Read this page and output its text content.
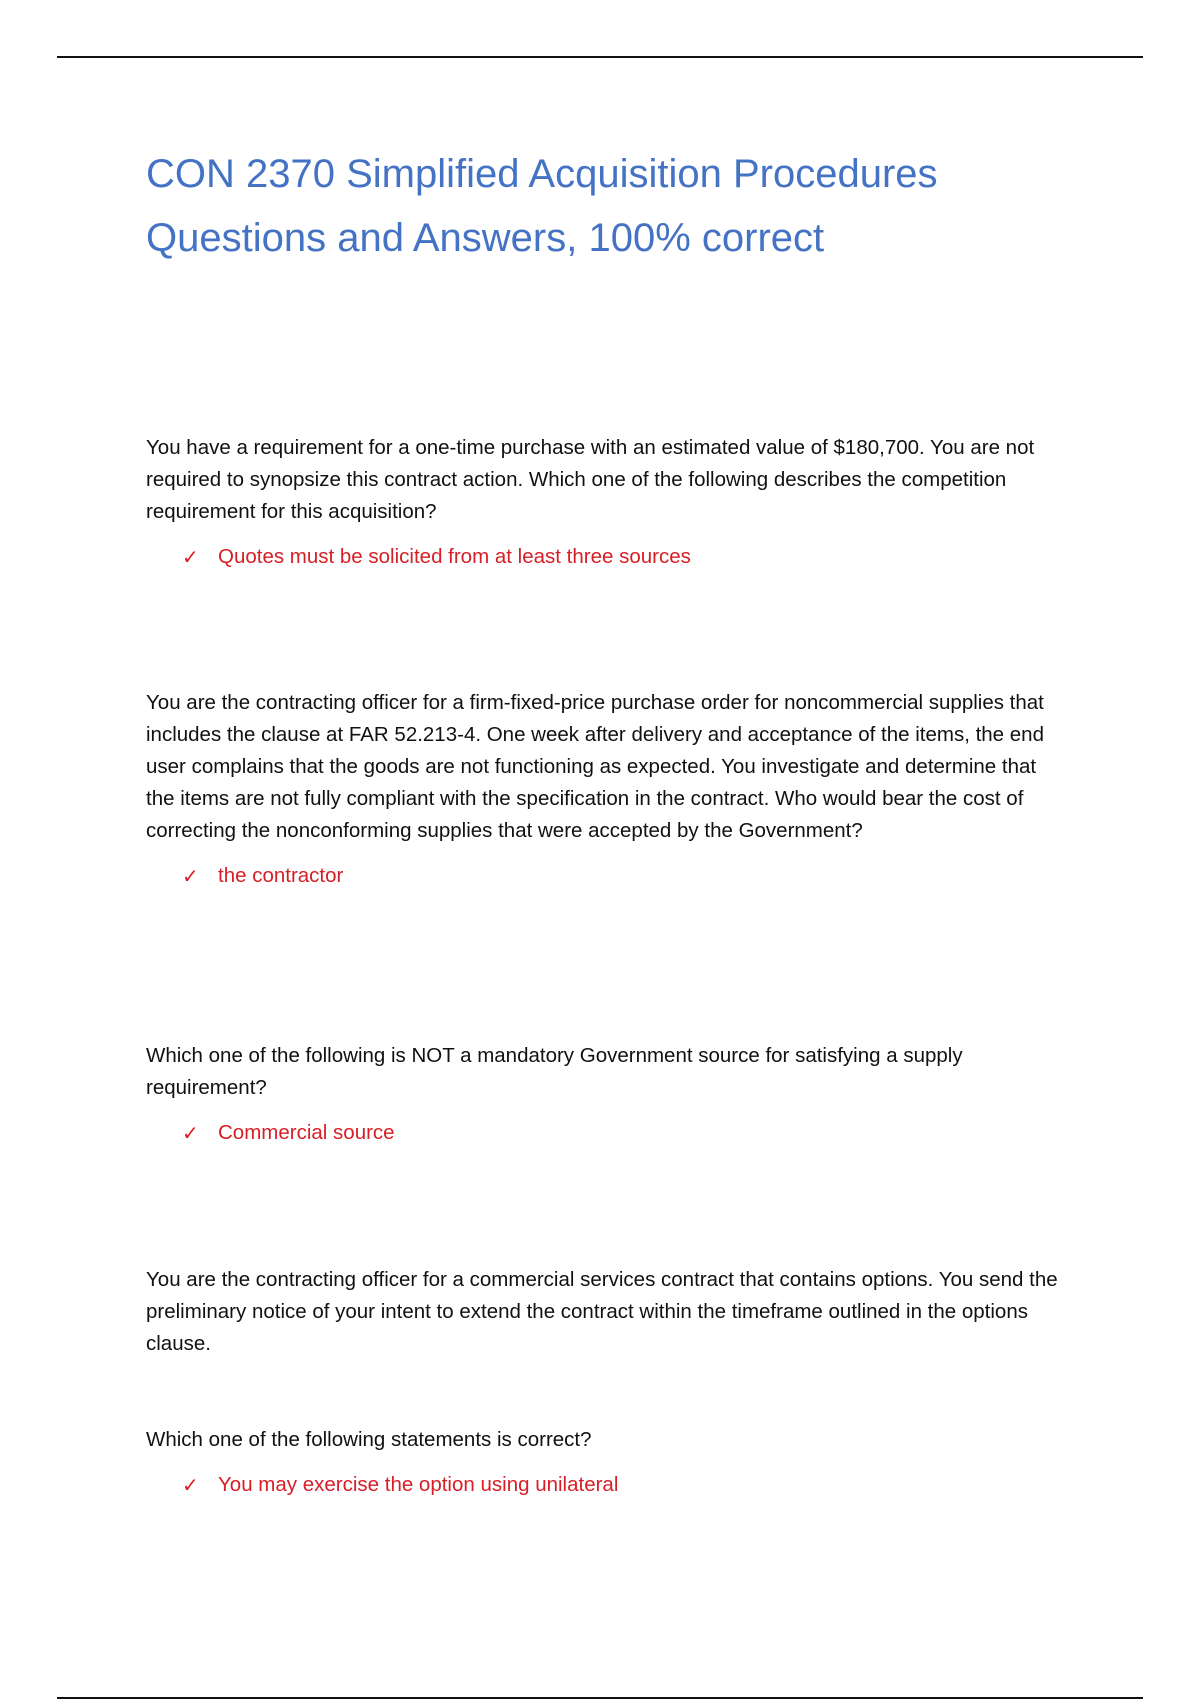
CON 2370 Simplified Acquisition Procedures
Questions and Answers, 100% correct

You have a requirement for a one-time purchase with an estimated value of $180,700. You are not required to synopsize this contract action. Which one of the following describes the competition requirement for this acquisition?

✓ Quotes must be solicited from at least three sources

You are the contracting officer for a firm-fixed-price purchase order for noncommercial supplies that includes the clause at FAR 52.213-4. One week after delivery and acceptance of the items, the end user complains that the goods are not functioning as expected. You investigate and determine that the items are not fully compliant with the specification in the contract. Who would bear the cost of correcting the nonconforming supplies that were accepted by the Government?

✓ the contractor

Which one of the following is NOT a mandatory Government source for satisfying a supply requirement?

✓ Commercial source

You are the contracting officer for a commercial services contract that contains options. You send the preliminary notice of your intent to extend the contract within the timeframe outlined in the options clause.

Which one of the following statements is correct?

✓ You may exercise the option using unilateral
